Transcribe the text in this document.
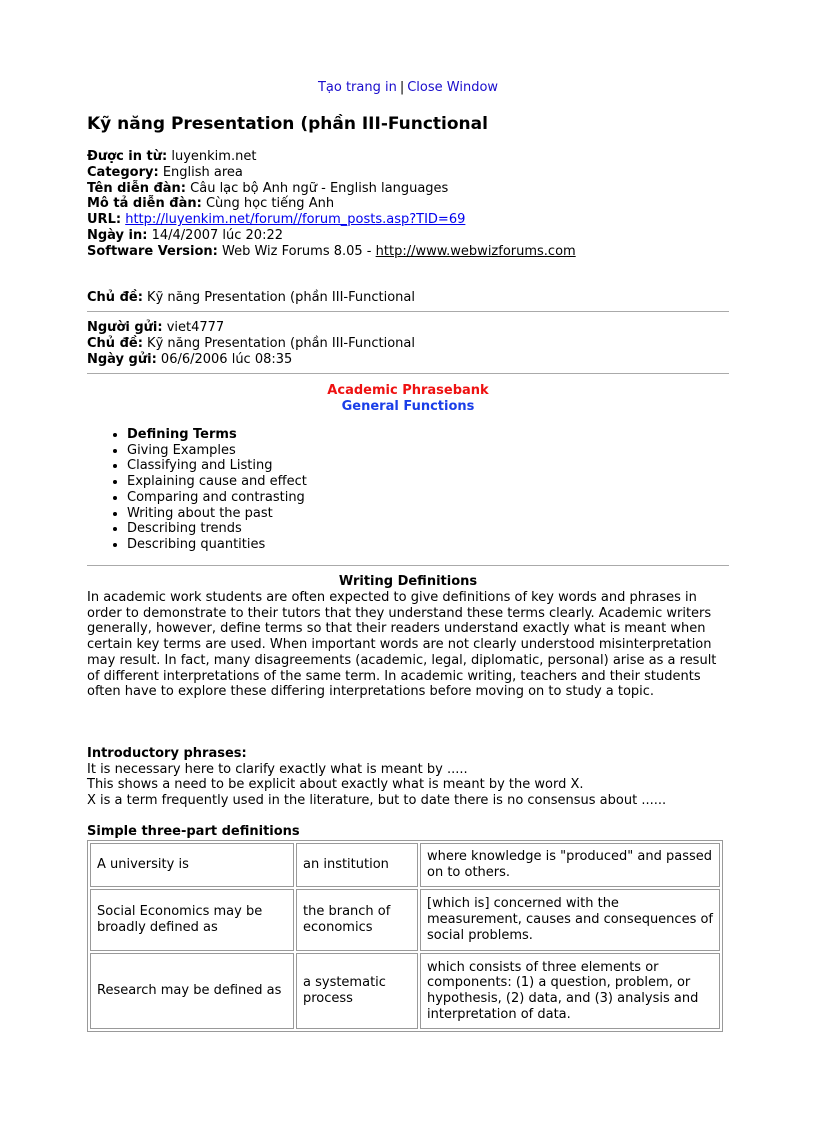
Tạo trang in | Close Window
Kỹ năng Presentation (phần III-Functional
Được in từ: luyenkim.net
Category: English area
Tên diễn đàn: Câu lạc bộ Anh ngữ - English languages
Mô tả diễn đàn: Cùng học tiếng Anh
URL: http://luyenkim.net/forum//forum_posts.asp?TID=69
Ngày in: 14/4/2007 lúc 20:22
Software Version: Web Wiz Forums 8.05 - http://www.webwizforums.com
Chủ đề: Kỹ năng Presentation (phần III-Functional
Người gửi: viet4777
Chủ đề: Kỹ năng Presentation (phần III-Functional
Ngày gửi: 06/6/2006 lúc 08:35
Academic Phrasebank
General Functions
• Defining Terms
• Giving Examples
• Classifying and Listing
• Explaining cause and effect
• Comparing and contrasting
• Writing about the past
• Describing trends
• Describing quantities
Writing Definitions

In academic work students are often expected to give definitions of key words and phrases in order to demonstrate to their tutors that they understand these terms clearly. Academic writers generally, however, define terms so that their readers understand exactly what is meant when certain key terms are used. When important words are not clearly understood misinterpretation may result. In fact, many disagreements (academic, legal, diplomatic, personal) arise as a result of different interpretations of the same term. In academic writing, teachers and their students often have to explore these differing interpretations before moving on to study a topic.

Introductory phrases:
It is necessary here to clarify exactly what is meant by .....
This shows a need to be explicit about exactly what is meant by the word X.
X is a term frequently used in the literature, but to date there is no consensus about ......
Simple three-part definitions
A university is	an institution	where knowledge is "produced" and passed on to others.
Social Economics may be broadly defined as	the branch of economics	[which is] concerned with the measurement, causes and consequences of social problems.
Research may be defined as	a systematic process	which consists of three elements or components: (1) a question, problem, or hypothesis, (2) data, and (3) analysis and interpretation of data.
